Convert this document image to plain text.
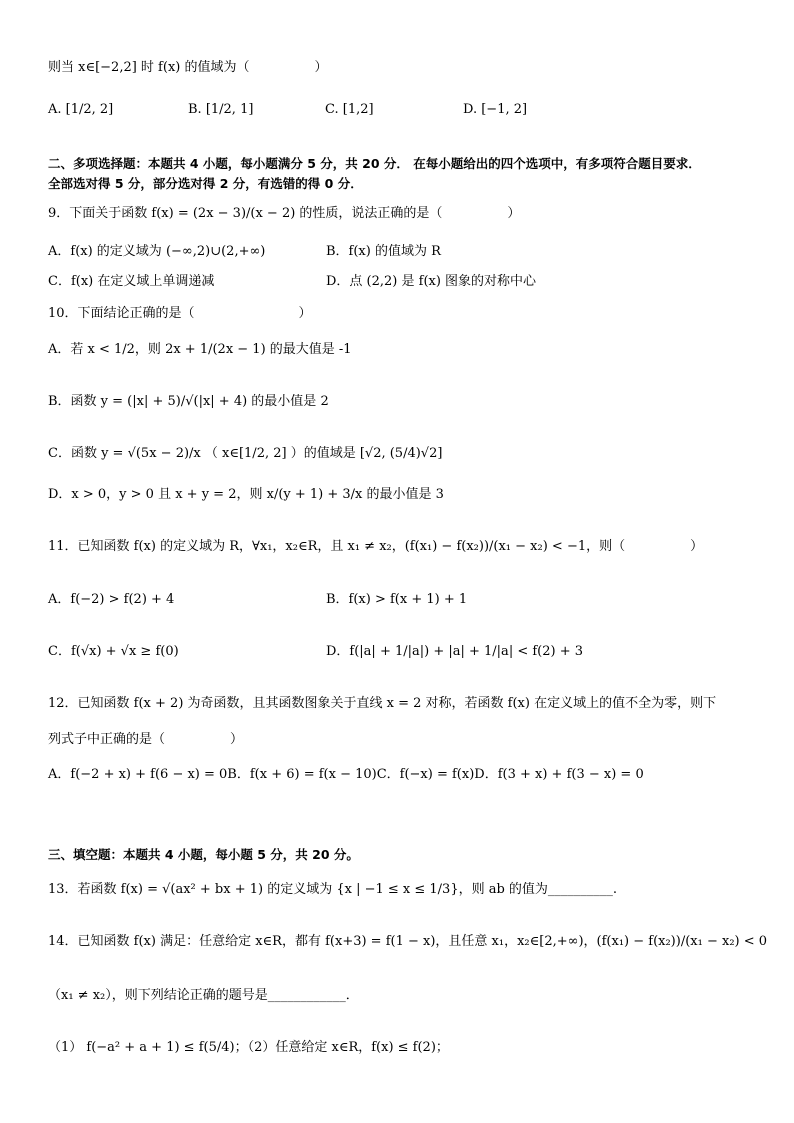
则当 x∈[−2,2] 时 f(x) 的值域为（　　　　　）
A. [1/2, 2]	B. [1/2, 1]	C. [1,2]	D. [−1, 2]
二、多项选择题：本题共 4 小题，每小题满分 5 分，共 20 分． 在每小题给出的四个选项中，有多项符合题目要求．
全部选对得 5 分，部分选对得 2 分，有选错的得 0 分．
9．下面关于函数 f(x) = (2x − 3)/(x − 2) 的性质，说法正确的是（　　　　　）
A．f(x) 的定义域为 (−∞,2)∪(2,+∞)	B．f(x) 的值域为 R
C．f(x) 在定义域上单调递减	D．点 (2,2) 是 f(x) 图象的对称中心
10．下面结论正确的是（　　　　　　　　）
A．若 x < 1/2，则 2x + 1/(2x − 1) 的最大值是 -1
B．函数 y = (|x| + 5)/√(|x| + 4) 的最小值是 2
C．函数 y = √(5x − 2)/x （ x∈[1/2, 2] ）的值域是 [√2, (5/4)√2]
D．x > 0，y > 0 且 x + y = 2，则 x/(y + 1) + 3/x 的最小值是 3
11．已知函数 f(x) 的定义域为 R，∀x₁，x₂∈R，且 x₁ ≠ x₂，(f(x₁) − f(x₂))/(x₁ − x₂) < −1，则（　　　　　）
A．f(−2) > f(2) + 4	B．f(x) > f(x + 1) + 1
C．f(√x) + √x ≥ f(0)	D．f(|a| + 1/|a|) + |a| + 1/|a| < f(2) + 3
12．已知函数 f(x + 2) 为奇函数，且其函数图象关于直线 x = 2 对称，若函数 f(x) 在定义域上的值不全为零，则下
列式子中正确的是（　　　　　）
A．f(−2 + x) + f(6 − x) = 0B．f(x + 6) = f(x − 10)C．f(−x) = f(x)D．f(3 + x) + f(3 − x) = 0
三、填空题：本题共 4 小题，每小题 5 分，共 20 分。
13．若函数 f(x) = √(ax² + bx + 1) 的定义域为 {x | −1 ≤ x ≤ 1/3}，则 ab 的值为__________.
14．已知函数 f(x) 满足：任意给定 x∈R，都有 f(x+3) = f(1 − x)，且任意 x₁，x₂∈[2,+∞)，(f(x₁) − f(x₂))/(x₁ − x₂) < 0
（x₁ ≠ x₂），则下列结论正确的题号是____________．
（1） f(−a² + a + 1) ≤ f(5/4)；（2）任意给定 x∈R，f(x) ≤ f(2)；
